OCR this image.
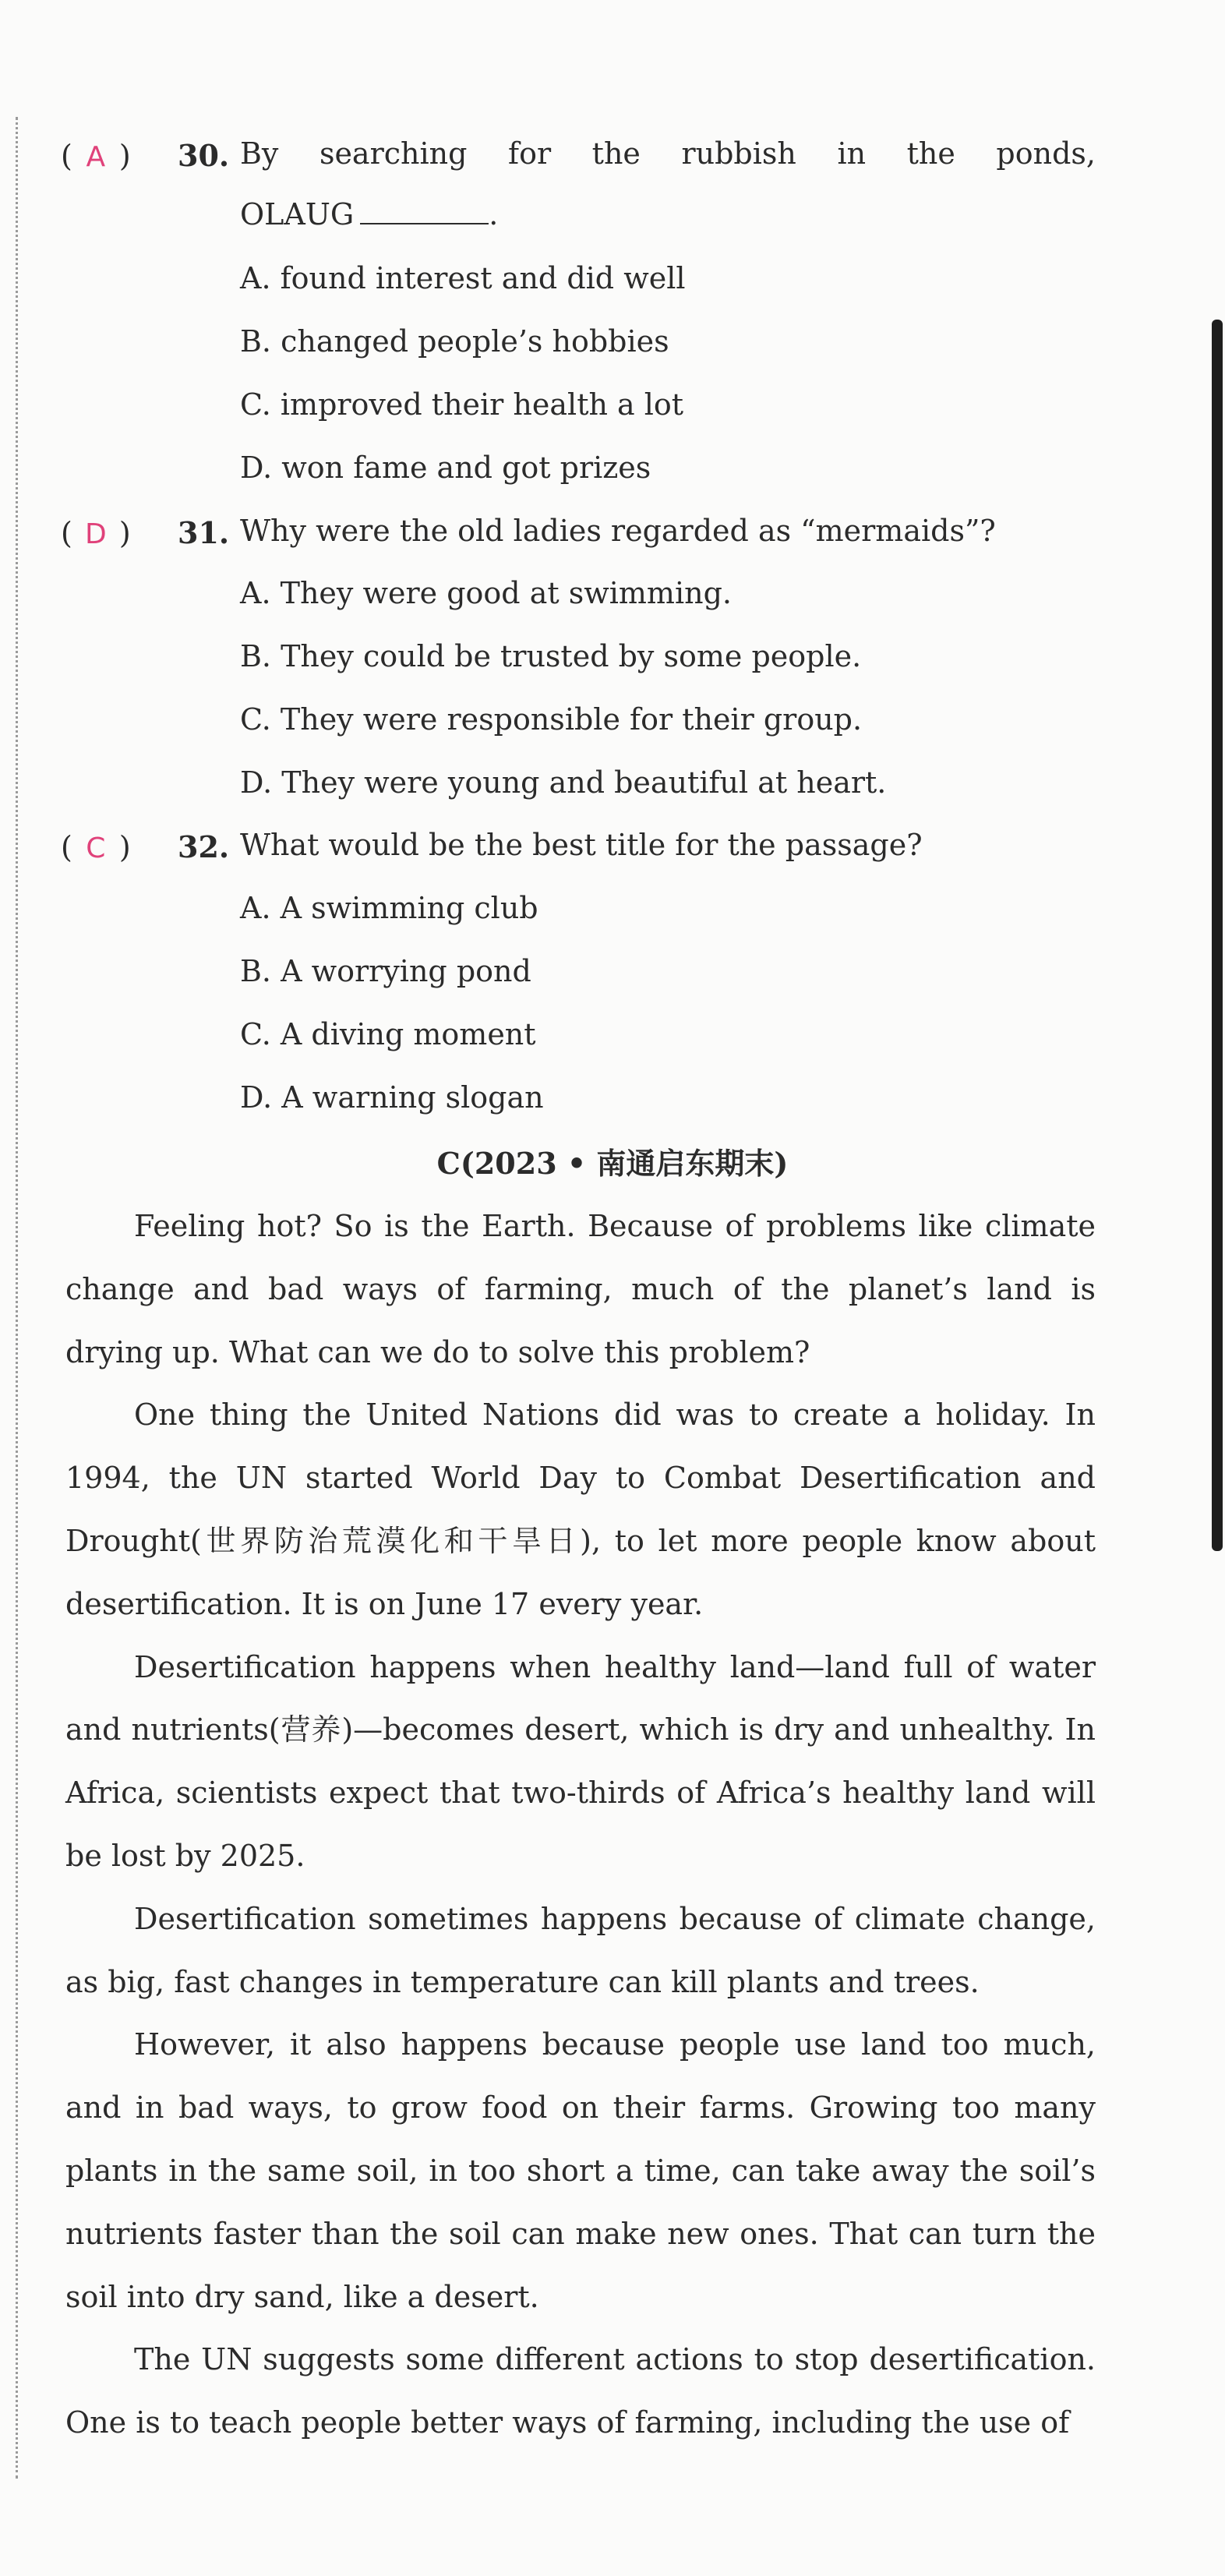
( A ) 30. By searching for the rubbish in the ponds,
OLAUG	.
A. found interest and did well
B. changed people’s hobbies
C. improved their health a lot
D. won fame and got prizes
( D ) 31. Why were the old ladies regarded as “mermaids”?
A. They were good at swimming.
B. They could be trusted by some people.
C. They were responsible for their group.
D. They were young and beautiful at heart.
( C ) 32. What would be the best title for the passage?
A. A swimming club
B. A worrying pond
C. A diving moment
D. A warning slogan
C(2023 • 南通启东期末)

Feeling hot? So is the Earth. Because of problems like climate change and bad ways of farming, much of the planet’s land is drying up. What can we do to solve this problem?

One thing the United Nations did was to create a holiday. In 1994, the UN started World Day to Combat Desertification and Drought(世界防治荒漠化和干旱日), to let more people know about desertification. It is on June 17 every year.

Desertification happens when healthy land—land full of water and nutrients(营养)—becomes desert, which is dry and unhealthy. In Africa, scientists expect that two-thirds of Africa’s healthy land will be lost by 2025.

Desertification sometimes happens because of climate change, as big, fast changes in temperature can kill plants and trees.

However, it also happens because people use land too much, and in bad ways, to grow food on their farms. Growing too many plants in the same soil, in too short a time, can take away the soil’s nutrients faster than the soil can make new ones. That can turn the soil into dry sand, like a desert.

The UN suggests some different actions to stop desertification. One is to teach people better ways of farming, including the use of
